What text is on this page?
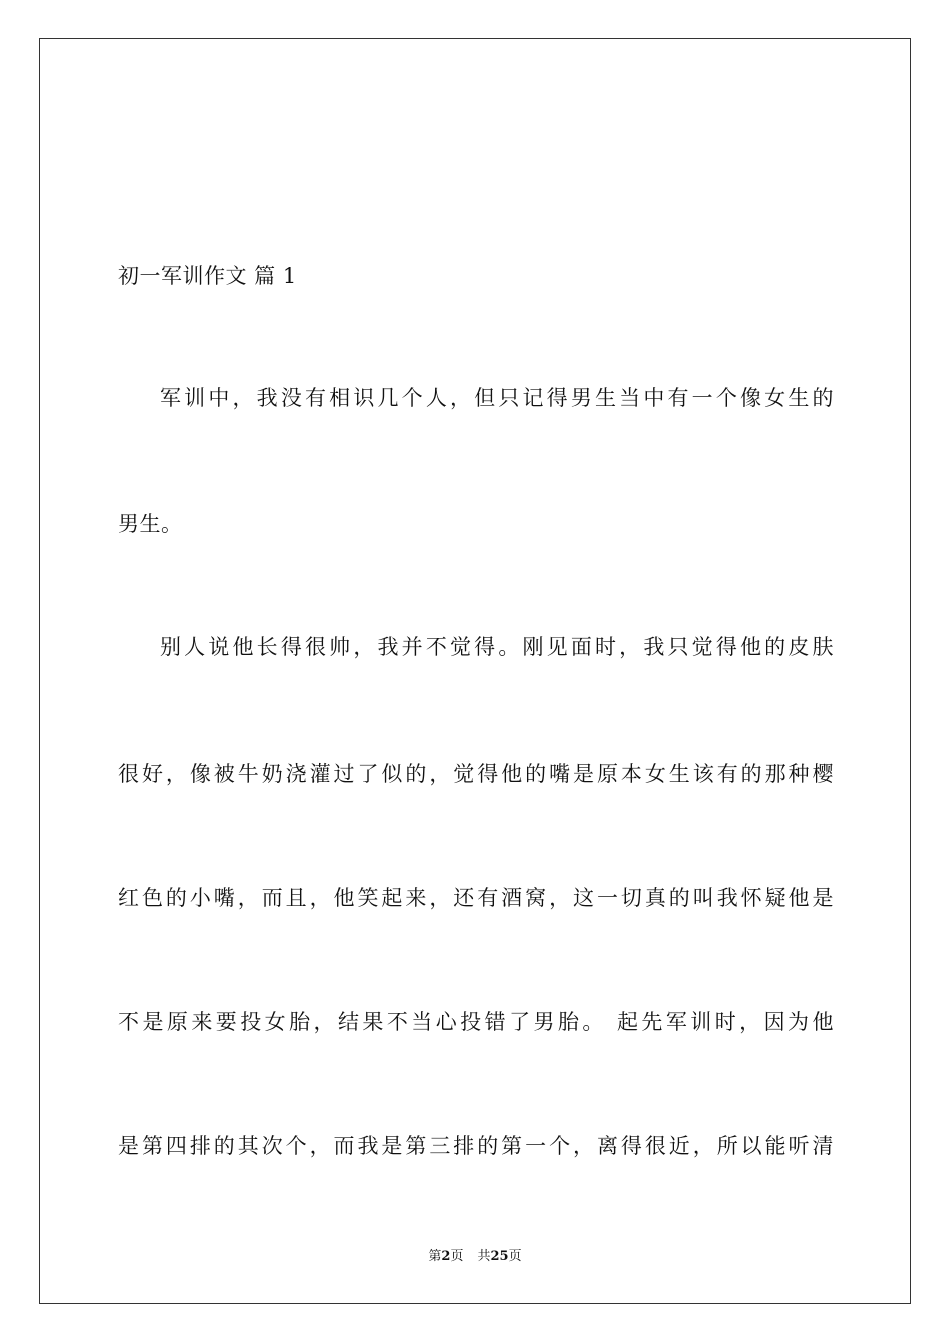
初一军训作文 篇 1
军训中，我没有相识几个人，但只记得男生当中有一个像女生的
男生。
别人说他长得很帅，我并不觉得。刚见面时，我只觉得他的皮肤
很好，像被牛奶浇灌过了似的，觉得他的嘴是原本女生该有的那种樱
红色的小嘴，而且，他笑起来，还有酒窝，这一切真的叫我怀疑他是
不是原来要投女胎，结果不当心投错了男胎。 起先军训时，因为他
是第四排的其次个，而我是第三排的第一个，离得很近，所以能听清
第2页 共25页
